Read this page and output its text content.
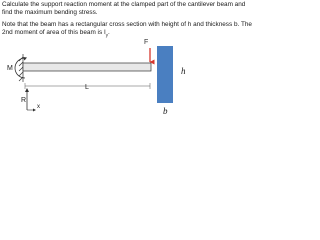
Calculate the support reaction moment at the clamped part of the cantilever beam and

find the maximum bending stress.

Note that the beam has a rectangular cross section with height of h and thickness b. The

2nd moment of area of this beam is $I_y$.

F
M
R
L
x
h
b
